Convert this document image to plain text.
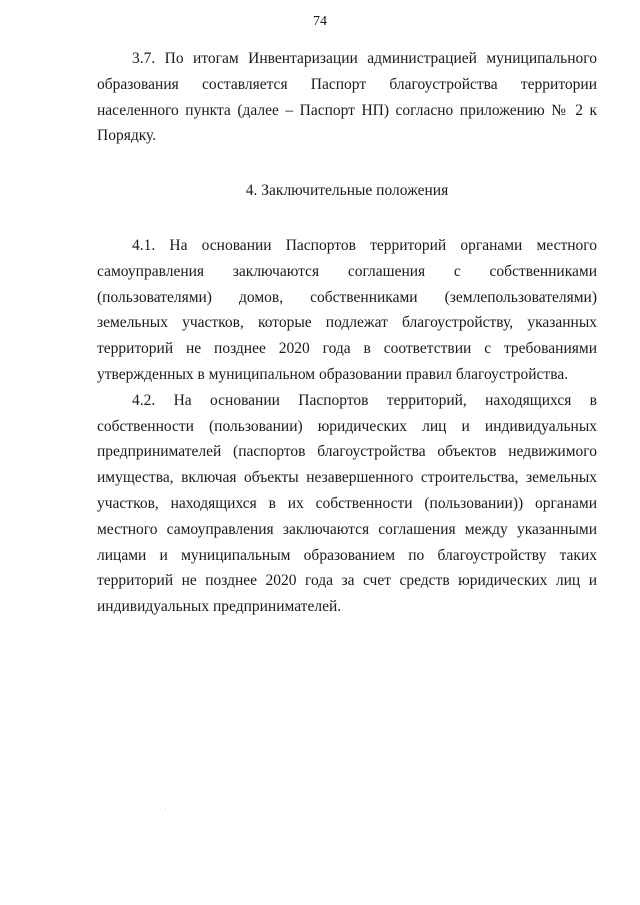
74

3.7. По итогам Инвентаризации администрацией муниципального образования составляется Паспорт благоустройства территории населенного пункта (далее – Паспорт НП) согласно приложению № 2 к Порядку.

4. Заключительные положения

4.1. На основании Паспортов территорий органами местного самоуправления заключаются соглашения с собственниками (пользователями) домов, собственниками (землепользователями) земельных участков, которые подлежат благоустройству, указанных территорий не позднее 2020 года в соответствии с требованиями утвержденных в муниципальном образовании правил благоустройства.

4.2. На основании Паспортов территорий, находящихся в собственности (пользовании) юридических лиц и индивидуальных предпринимателей (паспортов благоустройства объектов недвижимого имущества, включая объекты незавершенного строительства, земельных участков, находящихся в их собственности (пользовании)) органами местного самоуправления заключаются соглашения между указанными лицами и муниципальным образованием по благоустройству таких территорий не позднее 2020 года за счет средств юридических лиц и индивидуальных предпринимателей.
